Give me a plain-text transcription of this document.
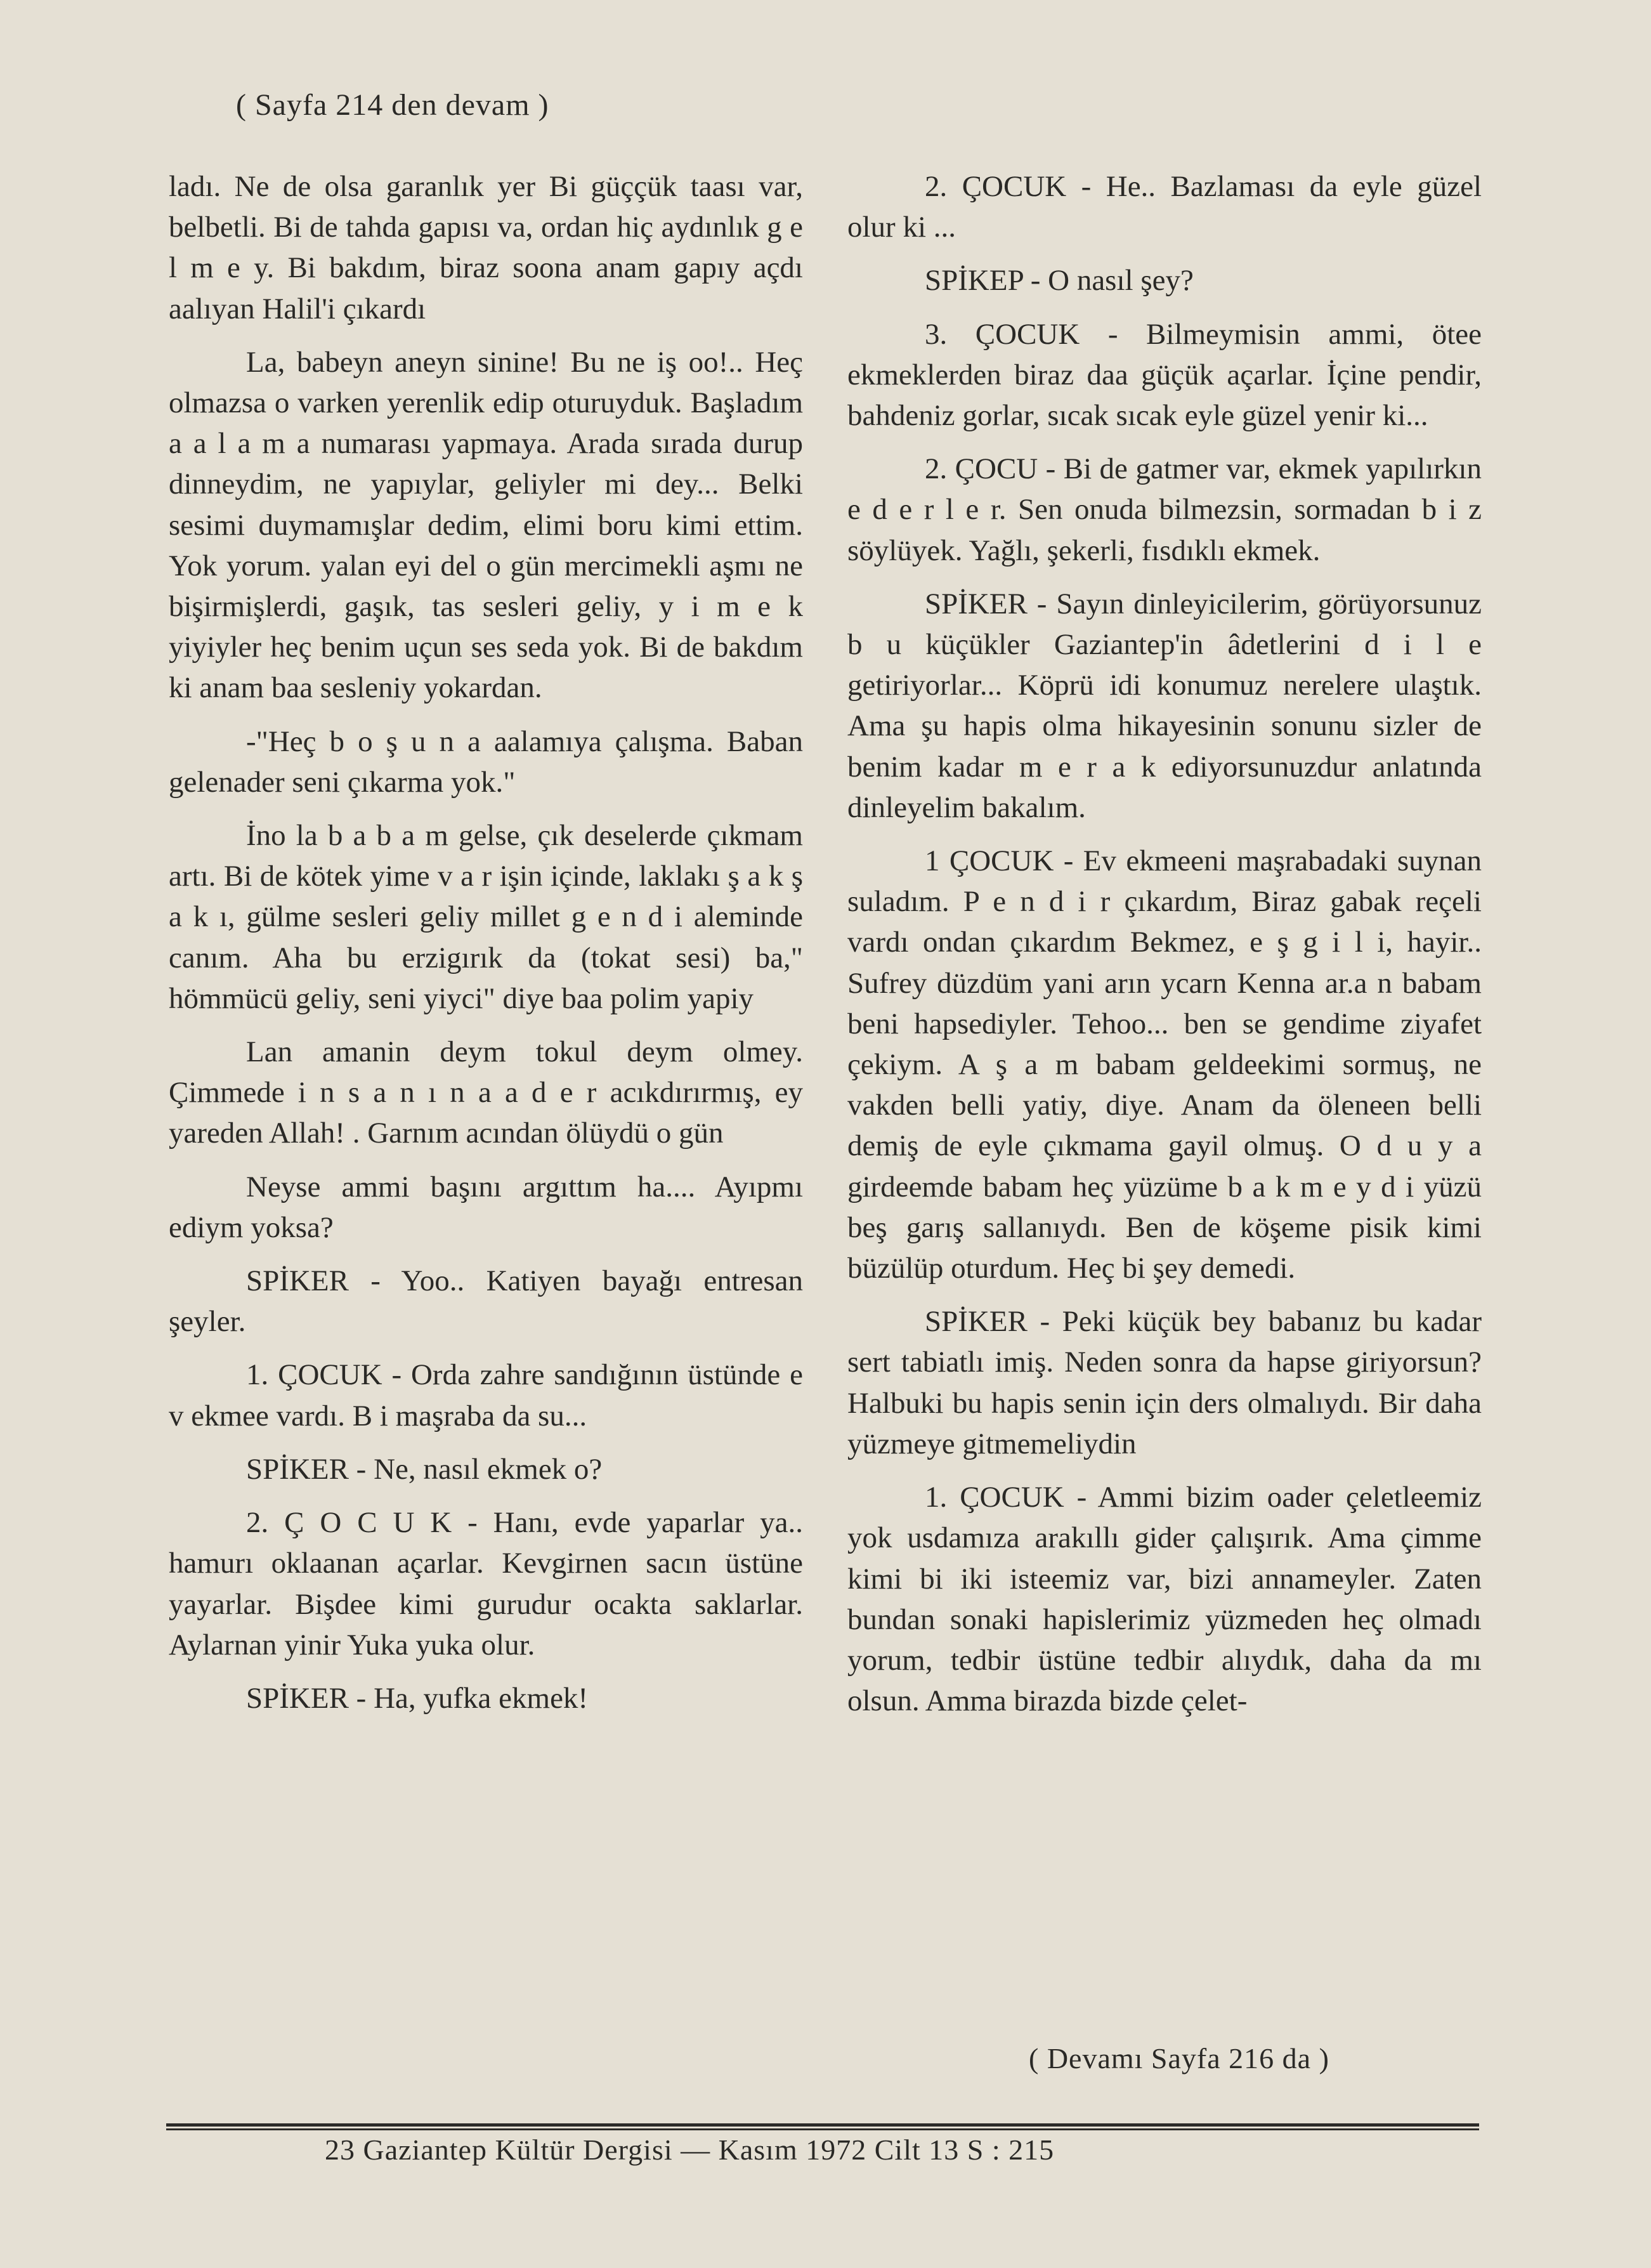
( Sayfa 214 den devam )

ladı. Ne de olsa garanlık yer Bi güççük taası var, belbetli. Bi de tahda gapısı va, ordan hiç aydınlık g e l m e y. Bi bakdım, biraz soona anam gapıy açdı aalıyan Halil'i çıkardı

La, babeyn aneyn sinine! Bu ne iş oo!.. Heç olmazsa o varken yerenlik edip oturuyduk. Başladım a a l a m a numarası yapmaya. Arada sırada durup dinneydim, ne yapıylar, geliyler mi dey... Belki sesimi duymamışlar dedim, elimi boru kimi ettim. Yok yorum. yalan eyi del o gün mercimekli aşmı ne bişirmişlerdi, gaşık, tas sesleri geliy, y i m e k yiyiyler heç benim uçun ses seda yok. Bi de bakdım ki anam baa sesleniy yokardan.

-"Heç b o ş u n a aalamıya çalışma. Baban gelenader seni çıkarma yok."

İno la b a b a m gelse, çık deselerde çıkmam artı. Bi de kötek yime v a r işin içinde, laklakı ş a k ş a k ı, gülme sesleri geliy millet g e n d i aleminde canım. Aha bu erzigırık da (tokat sesi) ba," hömmücü geliy, seni yiyci" diye baa polim yapiy

Lan amanin deym tokul deym olmey. Çimmede i n s a n ı n a a d e r acıkdırırmış, ey yareden Allah! . Garnım acından ölüydü o gün

Neyse ammi başını argıttım ha.... Ayıpmı ediym yoksa?

SPİKER - Yoo.. Katiyen bayağı entresan şeyler.

1. ÇOCUK - Orda zahre sandığının üstünde e v ekmee vardı. B i maşraba da su...

SPİKER - Ne, nasıl ekmek o?

2. Ç O C U K - Hanı, evde yaparlar ya.. hamurı oklaanan açarlar. Kevgirnen sacın üstüne yayarlar. Bişdee kimi gurudur ocakta saklarlar. Aylarnan yinir Yuka yuka olur.

SPİKER - Ha, yufka ekmek!

2. ÇOCUK - He.. Bazlaması da eyle güzel olur ki ...

SPİKEP - O nasıl şey?

3. ÇOCUK - Bilmeymisin ammi, ötee ekmeklerden biraz daa güçük açarlar. İçine pendir, bahdeniz gorlar, sıcak sıcak eyle güzel yenir ki...

2. ÇOCU - Bi de gatmer var, ekmek yapılırkın e d e r l e r. Sen onuda bilmezsin, sormadan b i z söylüyek. Yağlı, şekerli, fısdıklı ekmek.

SPİKER - Sayın dinleyicilerim, görüyorsunuz b u küçükler Gaziantep'in âdetlerini d i l e getiriyorlar... Köprü idi konumuz nerelere ulaştık. Ama şu hapis olma hikayesinin sonunu sizler de benim kadar m e r a k ediyorsunuzdur anlatında dinleyelim bakalım.

1 ÇOCUK - Ev ekmeeni maşrabadaki suynan suladım. P e n d i r çıkardım, Biraz gabak reçeli vardı ondan çıkardım Bekmez, e ş g i l i, hayir.. Sufrey düzdüm yani arın ycarn Kenna ar.a n babam beni hapsediyler. Tehoo... ben se gendime ziyafet çekiym. A ş a m babam geldeekimi sormuş, ne vakden belli yatiy, diye. Anam da öleneen belli demiş de eyle çıkmama gayil olmuş. O d u y a girdeemde babam heç yüzüme b a k m e y d i yüzü beş garış sallanıydı. Ben de köşeme pisik kimi büzülüp oturdum. Heç bi şey demedi.

SPİKER - Peki küçük bey babanız bu kadar sert tabiatlı imiş. Neden sonra da hapse giriyorsun? Halbuki bu hapis senin için ders olmalıydı. Bir daha yüzmeye gitmemeliydin

1. ÇOCUK - Ammi bizim oader çeletleemiz yok usdamıza arakıllı gider çalışırık. Ama çimme kimi bi iki isteemiz var, bizi annameyler. Zaten bundan sonaki hapislerimiz yüzmeden heç olmadı yorum, tedbir üstüne tedbir alıydık, daha da mı olsun. Amma birazda bizde çelet-

( Devamı Sayfa 216 da )
23 Gaziantep Kültür Dergisi — Kasım 1972 Cilt 13 S : 215
